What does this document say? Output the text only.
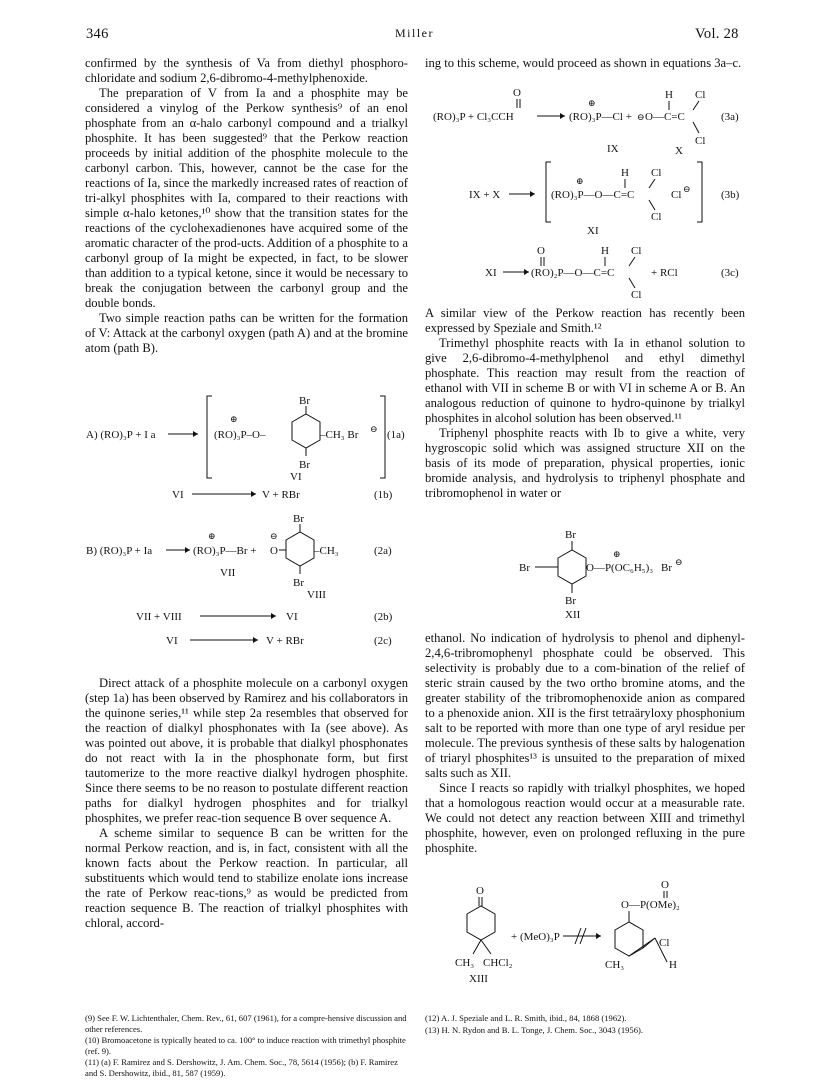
346	Miller	Vol. 28

confirmed by the synthesis of Va from diethyl phosphoro-chloridate and sodium 2,6-dibromo-4-methylphenoxide.

The preparation of V from Ia and a phosphite may be considered a vinylog of the Perkow synthesis⁹ of an enol phosphate from an α-halo carbonyl compound and a trialkyl phosphite. It has been suggested⁹ that the Perkow reaction proceeds by initial addition of the phosphite molecule to the carbonyl carbon. This, however, cannot be the case for the reactions of Ia, since the markedly increased rates of reaction of tri-alkyl phosphites with Ia, compared to their reactions with simple α-halo ketones,¹⁰ show that the transition states for the reactions of the cyclohexadienones have acquired some of the aromatic character of the prod-ucts. Addition of a phosphite to a carbonyl group of Ia might be expected, in fact, to be slower than addition to a typical ketone, since it would be necessary to break the conjugation between the carbonyl group and the double bonds.

Two simple reaction paths can be written for the formation of V: Attack at the carbonyl oxygen (path A) and at the bromine atom (path B).

A) (RO)₃P + I a	(RO)₃P–O–
⊕
Br
Br
–CH₃ Br ⊖
VI
(1a)
VI	V + RBr	(1b)
B) (RO)₃P + Ia	(RO)₃P—Br +
⊕
O
⊖
Br
Br
–CH₃
VII
VIII
(2a)
VII + VIII	VI	(2b)
VI	V + RBr	(2c)

Direct attack of a phosphite molecule on a carbonyl oxygen (step 1a) has been observed by Ramirez and his collaborators in the quinone series,¹¹ while step 2a resembles that observed for the reaction of dialkyl phosphonates with Ia (see above). As was pointed out above, it is probable that dialkyl phosphonates do not react with Ia in the phosphonate form, but first tautomerize to the more reactive dialkyl hydrogen phosphite. Since there seems to be no reason to postulate different reaction paths for dialkyl hydrogen phosphites and for trialkyl phosphites, we prefer reac-tion sequence B over sequence A.

A scheme similar to sequence B can be written for the normal Perkow reaction, and is, in fact, consistent with all the known facts about the Perkow reaction. In particular, all substituents which would tend to stabilize enolate ions increase the rate of Perkow reac-tions,⁹ as would be predicted from reaction sequence B. The reaction of trialkyl phosphites with chloral, accord-

(9) See F. W. Lichtenthaler, Chem. Rev., 61, 607 (1961), for a compre-hensive discussion and other references.

(10) Bromoacetone is typically heated to ca. 100° to induce reaction with trimethyl phosphite (ref. 9).

(11) (a) F. Ramirez and S. Dershowitz, J. Am. Chem. Soc., 78, 5614 (1956); (b) F. Ramirez and S. Dershowitz, ibid., 81, 587 (1959).

ing to this scheme, would proceed as shown in equations 3a–c.

O
(RO)₃P + Cl₃CCH	(RO)₃P—Cl +
⊕
⊖ O—C=C
H Cl
Cl
IX	X
(3a)
IX + X	(RO)₃P—O—C=C
⊕
H Cl
Cl
Cl ⊖
XI
(3b)
O	H Cl
Cl
XI	(RO)₂P—O—C=C	+ RCl	(3c)

A similar view of the Perkow reaction has recently been expressed by Speziale and Smith.¹²

Trimethyl phosphite reacts with Ia in ethanol solution to give 2,6-dibromo-4-methylphenol and ethyl dimethyl phosphate. This reaction may result from the reaction of ethanol with VII in scheme B or with VI in scheme A or B. An analogous reduction of quinone to hydro-quinone by trialkyl phosphites in alcohol solution has been observed.¹¹

Triphenyl phosphite reacts with Ib to give a white, very hygroscopic solid which was assigned structure XII on the basis of its mode of preparation, physical properties, ionic bromide analysis, and hydrolysis to triphenyl phosphate and tribromophenol in water or

Br
Br
Br
O—P(OC₆H₅)₃
⊕
Br ⊖
XII

ethanol. No indication of hydrolysis to phenol and diphenyl-2,4,6-tribromophenyl phosphate could be observed. This selectivity is probably due to a com-bination of the relief of steric strain caused by the two ortho bromine atoms, and the greater stability of the tribromophenoxide anion as compared to a phenoxide anion. XII is the first tetraäryloxy phosphonium salt to be reported with more than one type of aryl residue per molecule. The previous synthesis of these salts by halogenation of triaryl phosphites¹³ is unsuited to the preparation of mixed salts such as XII.

Since I reacts so rapidly with trialkyl phosphites, we hoped that a homologous reaction would occur at a measurable rate. We could not detect any reaction between XIII and trimethyl phosphite, however, even on prolonged refluxing in the pure phosphite.

O
CH₃ CHCl₂
XIII
+ (MeO)₃P
O
O—P(OMe)₂
Cl
H
CH₃

(12) A. J. Speziale and L. R. Smith, ibid., 84, 1868 (1962).

(13) H. N. Rydon and B. L. Tonge, J. Chem. Soc., 3043 (1956).
